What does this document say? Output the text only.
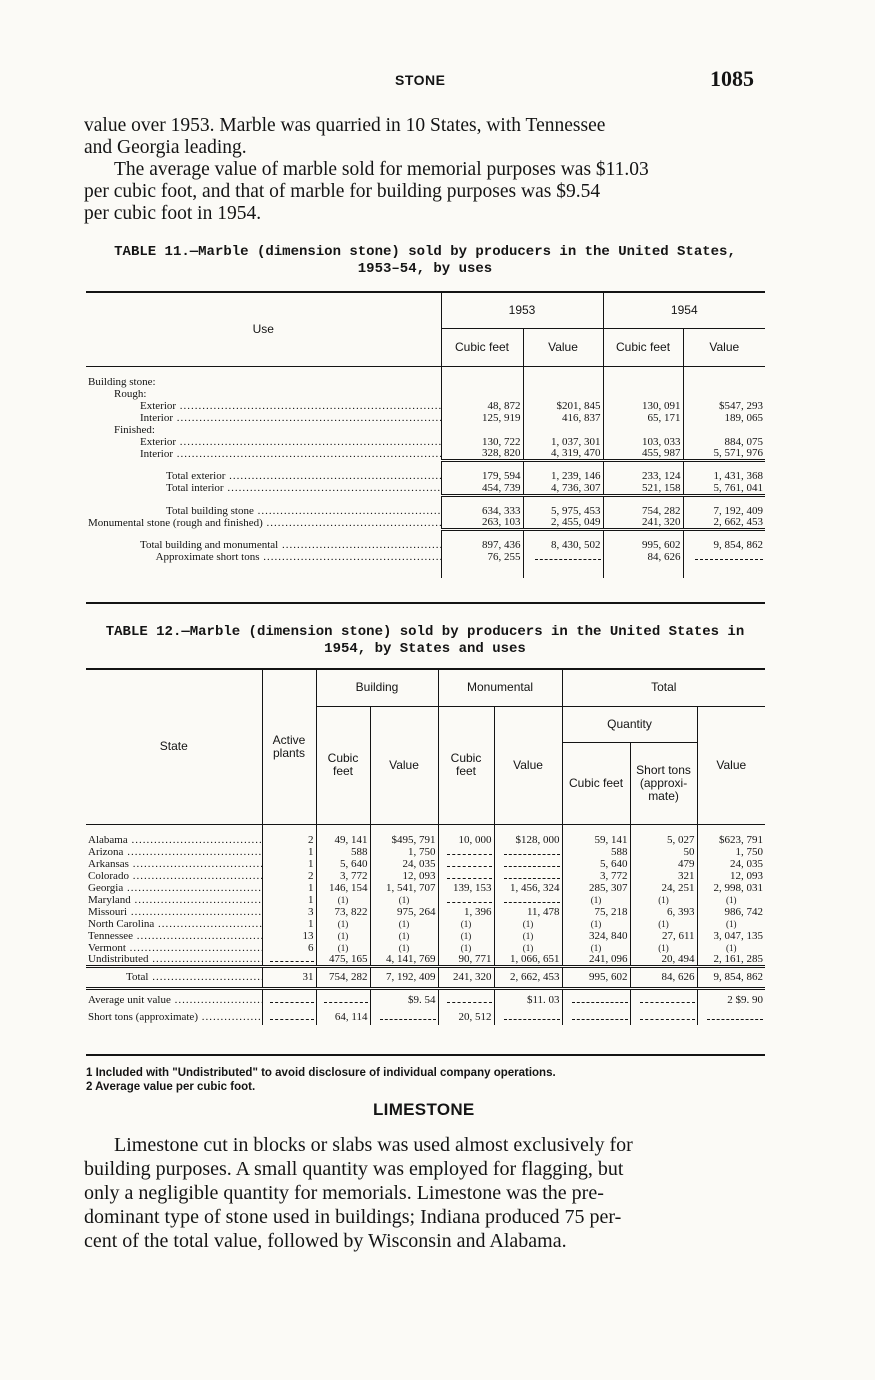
STONE	1085

value over 1953. Marble was quarried in 10 States, with Tennessee
and Georgia leading.
The average value of marble sold for memorial purposes was $11.03
per cubic foot, and that of marble for building purposes was $9.54
per cubic foot in 1954.

TABLE 11.—Marble (dimension stone) sold by producers in the United States,
1953–54, by uses
Use	1953		1954	
	Cubic feet	Value	Cubic feet	Value

Building stone:				
Rough:				
Exterior .....	48, 872	$201, 845	130, 091	$547, 293
Interior .....	125, 919	416, 837	65, 171	189, 065
Finished:				
Exterior .....	130, 722	1, 037, 301	103, 033	884, 075
Interior .....	328, 820	4, 319, 470	455, 987	5, 571, 976

Total exterior .....	179, 594	1, 239, 146	233, 124	1, 431, 368
Total interior .....	454, 739	4, 736, 307	521, 158	5, 761, 041

Total building stone .....	634, 333	5, 975, 453	754, 282	7, 192, 409
Monumental stone (rough and finished) .....	263, 103	2, 455, 049	241, 320	2, 662, 453

Total building and monumental .....	897, 436	8, 430, 502	995, 602	9, 854, 862
Approximate short tons .....	76, 255		84, 626	

TABLE 12.—Marble (dimension stone) sold by producers in the United States in
1954, by States and uses
State	Active plants	Building		Monumental		Total		
		Cubic feet	Value	Cubic feet	Value	Quantity		Value
						Cubic feet	Short tons (approxi- mate)	

Alabama .....	2	49, 141	$495, 791	10, 000	$128, 000	59, 141	5, 027	$623, 791
Arizona .....	1	588	1, 750			588	50	1, 750
Arkansas .....	1	5, 640	24, 035			5, 640	479	24, 035
Colorado .....	2	3, 772	12, 093			3, 772	321	12, 093
Georgia .....	1	146, 154	1, 541, 707	139, 153	1, 456, 324	285, 307	24, 251	2, 998, 031
Maryland .....	1	(1)	(1)			(1)	(1)	(1)
Missouri .....	3	73, 822	975, 264	1, 396	11, 478	75, 218	6, 393	986, 742
North Carolina .....	1	(1)	(1)	(1)	(1)	(1)	(1)	(1)
Tennessee .....	13	(1)	(1)	(1)	(1)	324, 840	27, 611	3, 047, 135
Vermont .....	6	(1)	(1)	(1)	(1)	(1)	(1)	(1)
Undistributed .....		475, 165	4, 141, 769	90, 771	1, 066, 651	241, 096	20, 494	2, 161, 285
Total .....	31	754, 282	7, 192, 409	241, 320	2, 662, 453	995, 602	84, 626	9, 854, 862
Average unit value .....			$9. 54		$11. 03			2 $9. 90
Short tons (approximate) .....		64, 114		20, 512				
1 Included with "Undistributed" to avoid disclosure of individual company operations.
2 Average value per cubic foot.
LIMESTONE

Limestone cut in blocks or slabs was used almost exclusively for
building purposes. A small quantity was employed for flagging, but
only a negligible quantity for memorials. Limestone was the pre-
dominant type of stone used in buildings; Indiana produced 75 per-
cent of the total value, followed by Wisconsin and Alabama.
